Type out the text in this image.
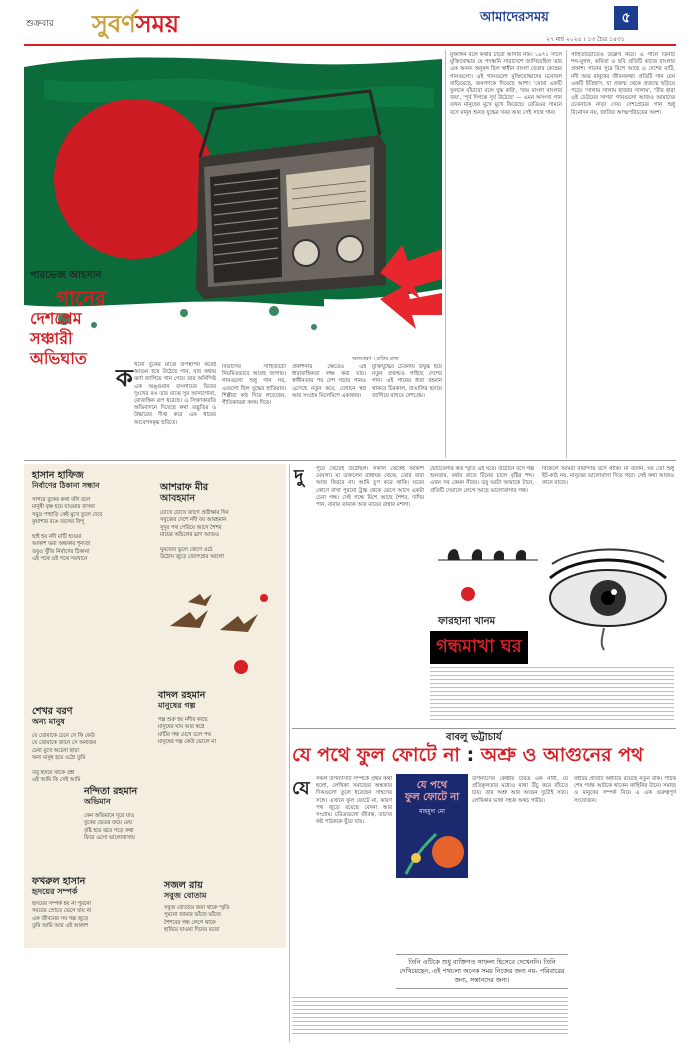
শুক্রবার সুবর্ণসময়	আমাদেরসময়	৫
২৭ মার্চ ২০২৫ । ১৩ চৈত্র ১৪৩১
পারভেজ আহসান
গানের
দেশপ্রেম
সঞ্চারী
অভিঘাত	অলংকরণ । রাকিব রাজ
ক খনো বুকের মাঝে উপস্থাপন করেই আগুন হয়ে উঠেছে গান, যার কথায় ঝর্ণা জাগিয়ে গান গেয়ে তার অনিন্দিষ্ট এক অঙ্গুরান বাংলায়ের ভিতর দুঃখের রঙ তার মাঝে সুর আনাগোনা, রোজন্ত্রিক রূপ ধরেছে। এ সিক্তাকারতি অভিবাদনে দিয়েছে কথা তদ্ভুতির ও উদ্ধারের দীপ্ত করে এক ধারের আবেগসমৃদ্ধ ছবিতে।
বিভাগের সাহিত্যচর্চা নিয়মিতভাবে আগ্রহ জাগায়। গানগুলো শুধু গান নয়, এগুলো ছিল যুদ্ধের হাতিয়ার। শিল্পীরা কণ্ঠ দিয়ে লড়েছেন, গীতিকাররা কলম দিয়ে।
প্রকাশনার ক্ষেত্রেও এই ধারাবাহিকতা লক্ষ করা যায়। স্বাধীনতার পর দেশ গড়ার গানও এসেছে নতুন করে, যেখানে স্বপ্ন আর সংগ্রাম মিলেমিশে একাকার।
মুক্তিযুদ্ধের চেতনায় উদ্বুদ্ধ হয়ে নতুন প্রজন্মও গাইছে দেশের গান। এই গানের ধারা বহমান থাকবে চিরকাল, বাঙালির হৃদয়ে জাগিয়ে রাখবে দেশপ্রেম।
মুক্তাঙ্গন বলে কথার চারো আসার নাম। ১৯৭১ সালে মুক্তিযোদ্ধার যে পদধ্বনি সারাদেশে জাগিয়েছিল তার এক অনন্য অনুষঙ্গ ছিল স্বাধীন বাংলা বেতার কেন্দ্রের গানগুলো। এই গানগুলো মুক্তিযোদ্ধাদের মনোবল বাড়িয়েছে, জনগণকে দিয়েছে আশা। 'মোরা একটি ফুলকে বাঁচাবো বলে যুদ্ধ করি', 'জয় বাংলা বাংলার জয়', 'পূর্ব দিগন্তে সূর্য উঠেছে' — এমন অসংখ্য গান তখন মানুষের মুখে মুখে ফিরেছে। রেডিওর সামনে বসে মানুষ শুনত যুদ্ধের খবর আর সেই সাথে গান।
সাহিত্যচর্চাতেও উল্লেখ করে। এ গানে তিনটি শব্দ-যুগল, কবিতা ও ছবি প্রতিটি কাজে বাংলার প্রকাশ। গানের সুরে মিশে আছে এ দেশের মাটি, নদী আর মানুষের জীবনকথা। প্রতিটি গান যেন একটি ইতিহাস, যা প্রজন্ম থেকে প্রজন্মে ছড়িয়ে পড়ে। 'সালাম সালাম হাজার সালাম', 'তীর হারা এই ঢেউয়ের সাগর' গানগুলো আজও আমাদের চেতনাকে নাড়া দেয়। দেশপ্রেমের গান শুধু বিনোদন নয়, জাতির আত্মপরিচয়ের অংশ।
হাসান হাফিজ
নির্বাণের ঠিকানা সন্ধান
সাগরে বুকের কথা বলি বলে
মানুষী বৃক্ষ হয়ে যাওয়ার বাসনা
সমুদ্র পাহাড়ি কেই মুখে তুলে দেবে
কুয়াশার রঙে জলের বিন্দু

ছাই হয় নদী মাটি হাওয়া
আকাশ ভরা অন্ধকার শূন্যতা
তবুও খুঁজি নির্বাণের ঠিকানা
এই পথে ওই পথে সবখানে
আশরাফ মীর
আবহমান
চোখে চোখে জাগে প্রতীক্ষার দিন
সবুজের দেশে নদী বয় আবহমান
সুদূর পথ পেরিয়ে আসে শৈশব
মায়ের আঁচলের ঘ্রাণ আজও

ঘুমঘোর ভুলে জেগে ওঠে
উঠোন জুড়ে জ্যোৎস্নার আলো
শেখর বরণ
অন্য মানুষ
যে তোমাকে চেনে সে কি কেউ
যে তোমাকে জানে সে অন্যজন
চেনা মুখে অচেনা ছায়া
অন্য মানুষ হয়ে ওঠো তুমি

তবু হৃদয়ে থাকে প্রশ্ন
এই আমি কি সেই আমি
বাদল রহমান
মানুষের গল্প
গল্প শুরু হয় নদীর কাছে
মানুষের ঘাম আর স্বপ্নে
মাটির গন্ধ মেখে চলে পথ
মানুষের গল্প কেউ ভোলে না
নন্দিতা রহমান
অভিমান
কেন অভিমানে দূরে যাও
বুকের ভেতর জমে মেঘ
বৃষ্টি হয়ে ঝরে পড়ে কথা
ফিরে এসো ভালোবাসায়
ফখরুল হাসান
হৃদয়ের সম্পর্ক
হৃদয়ের সম্পর্ক হয় না পুরনো
সময়ের স্রোতে ভেসে যায় না
এক জীবনের সব গল্প জুড়ে
তুমি আমি আর এই আকাশ
সজল রায়
সবুজ বোতাম
সবুজ বোতামে জমা থাকে স্মৃতি
পুরনো জামার ভাঁজে ভাঁজে
শৈশবের গন্ধ লেগে থাকে
হারিয়ে যাওয়া দিনের মতো
দু পুরে খেতেই উঠেছিল। সকাল থেকেই আকাশ মেঘলা। মা ডাকলেন রান্নাঘর থেকে, তোর বাবা আজ ফিরবে না। আমি চুপ করে থাকি। ঘরের কোণে রাখা পুরনো ট্রাঙ্ক থেকে ভেসে আসে একটা চেনা গন্ধ। সেই গন্ধে মিশে আছে শৈশব, দাদির পান, বাবার তামাক আর মায়ের রান্নার মশলা।
ছোটবেলার কত স্মৃতি এই ঘরে। উঠোনে বসে গল্প শুনতাম, বর্ষার রাতে টিনের চালে বৃষ্টির শব্দ। এখন সব কেমন নীরব। তবু ঘরটা আমাকে টানে, প্রতিটি দেয়ালে লেগে আছে ভালোবাসার গন্ধ।
বিকেলে আমরা বারান্দায় বসে থাকি। মা বলেন, ঘর তো শুধু ইট-কাঠ নয়, মানুষের ভালোবাসা দিয়ে গড়া। সেই কথা আজও কানে বাজে।
ফারহানা খানম
গন্ধমাখা ঘর
বাবলু ভট্টাচার্য
যে পথে ফুল ফোটে না : অশ্রু ও আগুনের পথ
যে সকল উপন্যাসটি সম্পর্কে প্রথম কথা হলো, লেখিকা সমাজের অন্ধকার দিকগুলো তুলে ধরেছেন সাহসের সঙ্গে। এখানে ফুল ফোটে না, কারণ পথ জুড়ে রয়েছে বেদনা আর সংগ্রাম। চরিত্রগুলো জীবন্ত, তাদের কষ্ট পাঠককে ছুঁয়ে যায়।
যে পথে
ফুল ফোটে না
মাহমুদা মো
উপন্যাসের কেন্দ্রীয় চরিত্র এক নারী, যে প্রতিকূলতার মধ্যেও মাথা উঁচু করে বাঁচতে চায়। তার অশ্রু আর আগুন দুটোই সত্য। লেখিকার ভাষা সহজ অথচ গভীর।
বইটির প্রতিটি অধ্যায়ে রয়েছে নতুন বাঁক। পাঠক শেষ পর্যন্ত আটকে থাকেন কাহিনির টানে। সমাজ ও মানুষের সম্পর্ক নিয়ে এ এক গুরুত্বপূর্ণ সংযোজন।
তিনি এটিকে শুধু ব্যক্তিগত সাফল্য হিসেবে দেখেননি। তিনি দেখিয়েছেন, এই পথচলা অনেক সময় নিজের জন্য নয়- পরিবারের জন্য, সন্তানদের জন্য।
